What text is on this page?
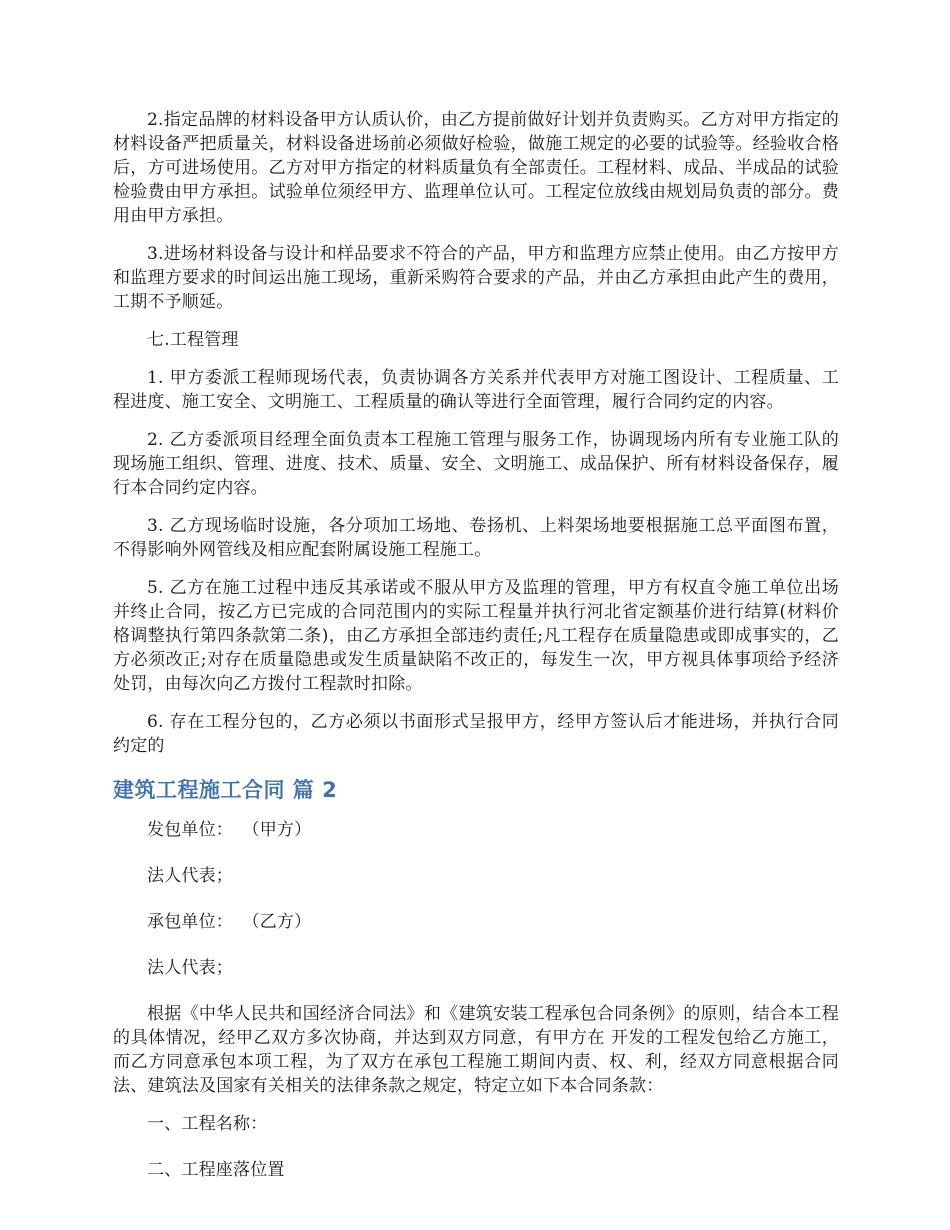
2.指定品牌的材料设备甲方认质认价，由乙方提前做好计划并负责购买。乙方对甲方指定的材料设备严把质量关，材料设备进场前必须做好检验，做施工规定的必要的试验等。经验收合格后，方可进场使用。乙方对甲方指定的材料质量负有全部责任。工程材料、成品、半成品的试验检验费由甲方承担。试验单位须经甲方、监理单位认可。工程定位放线由规划局负责的部分。费用由甲方承担。

3.进场材料设备与设计和样品要求不符合的产品，甲方和监理方应禁止使用。由乙方按甲方和监理方要求的时间运出施工现场，重新采购符合要求的产品，并由乙方承担由此产生的费用，工期不予顺延。

七.工程管理

1. 甲方委派工程师现场代表，负责协调各方关系并代表甲方对施工图设计、工程质量、工程进度、施工安全、文明施工、工程质量的确认等进行全面管理，履行合同约定的内容。

2. 乙方委派项目经理全面负责本工程施工管理与服务工作，协调现场内所有专业施工队的现场施工组织、管理、进度、技术、质量、安全、文明施工、成品保护、所有材料设备保存，履行本合同约定内容。

3. 乙方现场临时设施，各分项加工场地、卷扬机、上料架场地要根据施工总平面图布置，不得影响外网管线及相应配套附属设施工程施工。

5. 乙方在施工过程中违反其承诺或不服从甲方及监理的管理，甲方有权直令施工单位出场并终止合同，按乙方已完成的合同范围内的实际工程量并执行河北省定额基价进行结算(材料价格调整执行第四条款第二条)，由乙方承担全部违约责任;凡工程存在质量隐患或即成事实的，乙方必须改正;对存在质量隐患或发生质量缺陷不改正的，每发生一次，甲方视具体事项给予经济处罚，由每次向乙方拨付工程款时扣除。

6. 存在工程分包的，乙方必须以书面形式呈报甲方，经甲方签认后才能进场，并执行合同约定的

建筑工程施工合同 篇 2

发包单位： （甲方）

法人代表；

承包单位： （乙方）

法人代表；

根据《中华人民共和国经济合同法》和《建筑安装工程承包合同条例》的原则，结合本工程的具体情况，经甲乙双方多次协商，并达到双方同意，有甲方在 开发的工程发包给乙方施工，而乙方同意承包本项工程，为了双方在承包工程施工期间内责、权、利，经双方同意根据合同法、建筑法及国家有关相关的法律条款之规定，特定立如下本合同条款：

一、工程名称：

二、工程座落位置
